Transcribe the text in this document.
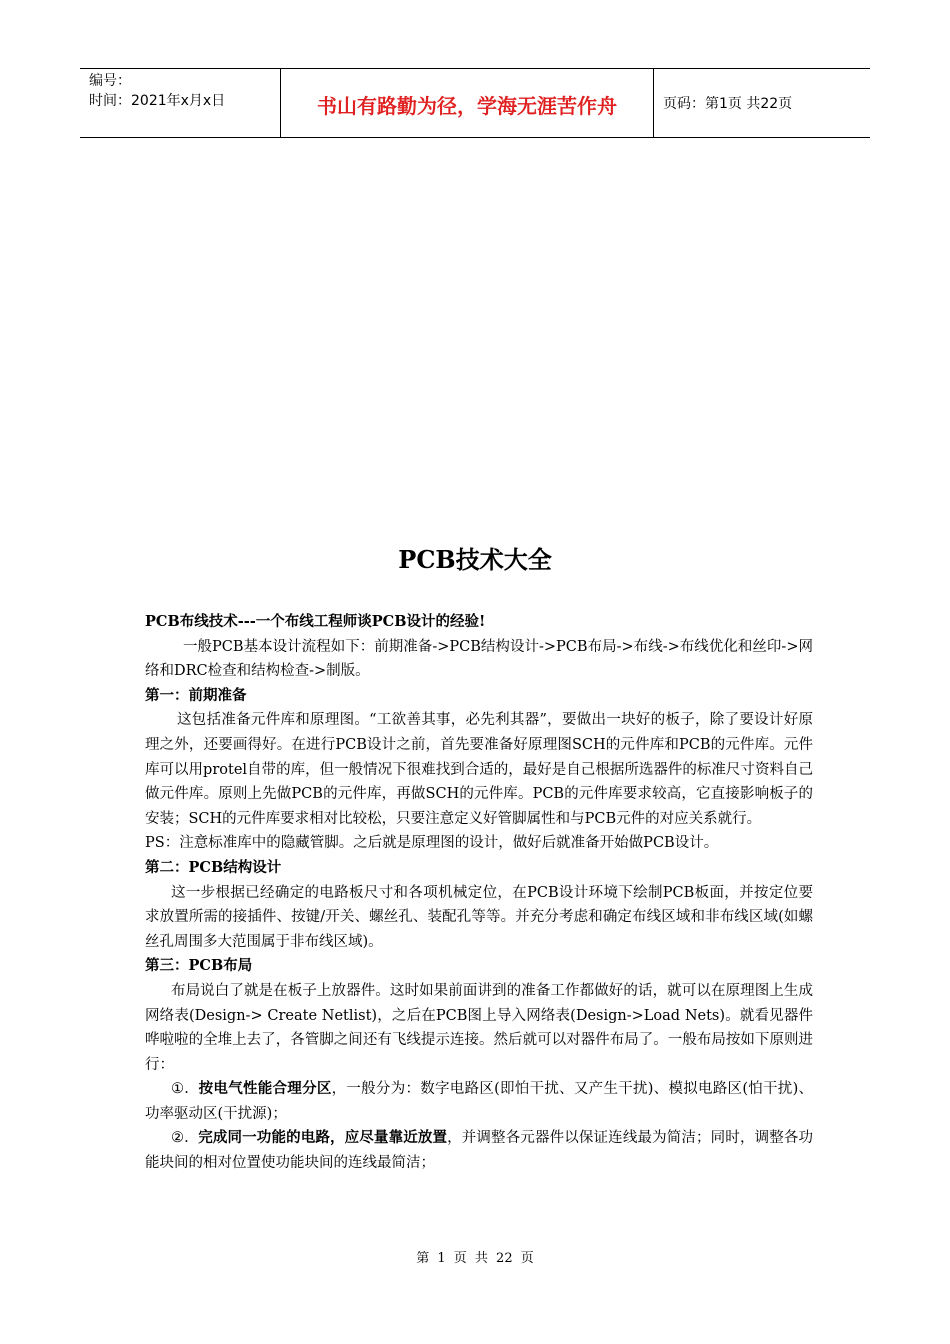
编号：
时间：2021年x月x日	书山有路勤为径，学海无涯苦作舟	页码：第1页 共22页
PCB技术大全

PCB布线技术---一个布线工程师谈PCB设计的经验!

一般PCB基本设计流程如下：前期准备->PCB结构设计->PCB布局->布线->布线优化和丝印->网络和DRC检查和结构检查->制版。

第一：前期准备

这包括准备元件库和原理图。“工欲善其事，必先利其器”，要做出一块好的板子，除了要设计好原理之外，还要画得好。在进行PCB设计之前，首先要准备好原理图SCH的元件库和PCB的元件库。元件库可以用protel自带的库，但一般情况下很难找到合适的，最好是自己根据所选器件的标准尺寸资料自己做元件库。原则上先做PCB的元件库，再做SCH的元件库。PCB的元件库要求较高，它直接影响板子的安装；SCH的元件库要求相对比较松，只要注意定义好管脚属性和与PCB元件的对应关系就行。

PS：注意标准库中的隐藏管脚。之后就是原理图的设计，做好后就准备开始做PCB设计。

第二：PCB结构设计

这一步根据已经确定的电路板尺寸和各项机械定位，在PCB设计环境下绘制PCB板面，并按定位要求放置所需的接插件、按键/开关、螺丝孔、装配孔等等。并充分考虑和确定布线区域和非布线区域(如螺丝孔周围多大范围属于非布线区域)。

第三：PCB布局

布局说白了就是在板子上放器件。这时如果前面讲到的准备工作都做好的话，就可以在原理图上生成网络表(Design-> Create Netlist)，之后在PCB图上导入网络表(Design->Load Nets)。就看见器件哗啦啦的全堆上去了，各管脚之间还有飞线提示连接。然后就可以对器件布局了。一般布局按如下原则进行：

①. 按电气性能合理分区，一般分为：数字电路区(即怕干扰、又产生干扰)、模拟电路区(怕干扰)、功率驱动区(干扰源)；

②. 完成同一功能的电路，应尽量靠近放置，并调整各元器件以保证连线最为简洁；同时，调整各功能块间的相对位置使功能块间的连线最简洁；

第 1 页 共 22 页
